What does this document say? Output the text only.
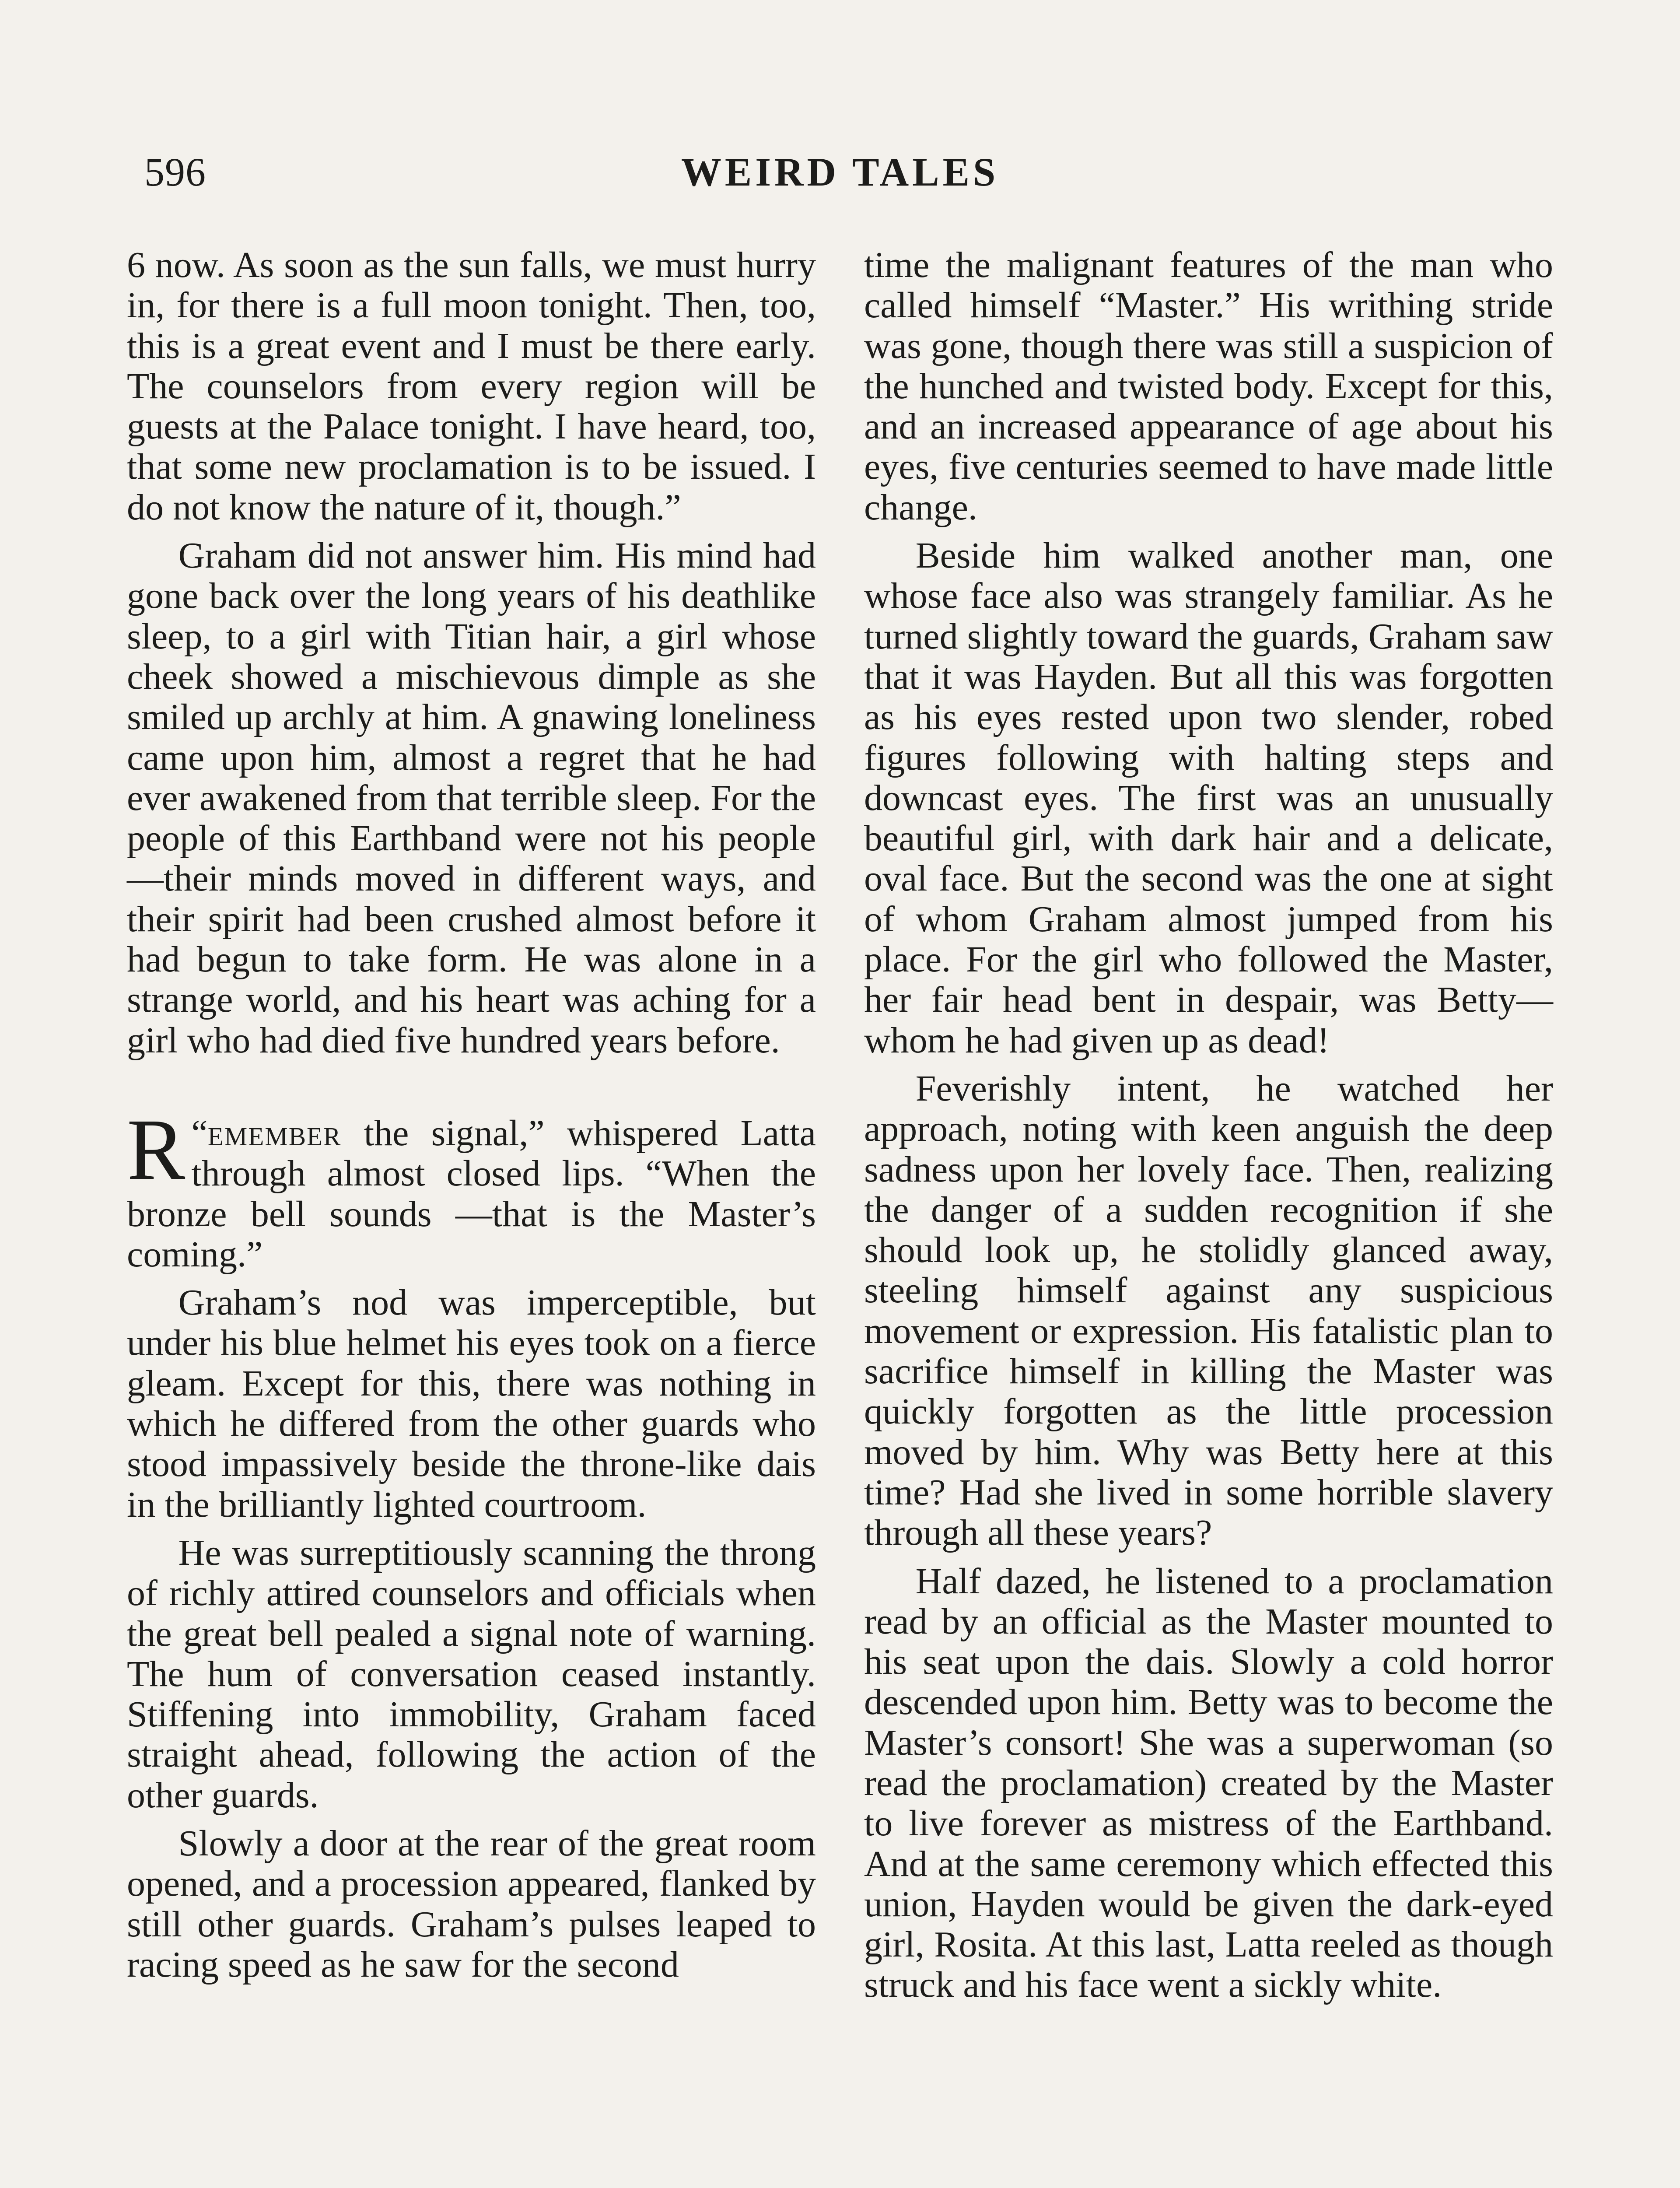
596	WEIRD TALES

6 now. As soon as the sun falls, we must hurry in, for there is a full moon tonight. Then, too, this is a great event and I must be there early. The counselors from every region will be guests at the Palace tonight. I have heard, too, that some new proclamation is to be issued. I do not know the nature of it, though.”

Graham did not answer him. His mind had gone back over the long years of his deathlike sleep, to a girl with Titian hair, a girl whose cheek showed a mischievous dimple as she smiled up archly at him. A gnawing loneliness came upon him, almost a regret that he had ever awakened from that terrible sleep. For the people of this Earthband were not his people—their minds moved in different ways, and their spirit had been crushed almost before it had begun to take form. He was alone in a strange world, and his heart was aching for a girl who had died five hundred years before.

“
R emember the signal,” whispered Latta through almost closed lips. “When the bronze bell sounds —that is the Master’s coming.”

Graham’s nod was imperceptible, but under his blue helmet his eyes took on a fierce gleam. Except for this, there was nothing in which he differed from the other guards who stood impassively beside the throne-like dais in the brilliantly lighted courtroom.

He was surreptitiously scanning the throng of richly attired counselors and officials when the great bell pealed a signal note of warning. The hum of conversation ceased instantly. Stiffening into immobility, Graham faced straight ahead, following the action of the other guards.

Slowly a door at the rear of the great room opened, and a procession appeared, flanked by still other guards. Graham’s pulses leaped to racing speed as he saw for the second

time the malignant features of the man who called himself “Master.” His writhing stride was gone, though there was still a suspicion of the hunched and twisted body. Except for this, and an increased appearance of age about his eyes, five centuries seemed to have made little change.

Beside him walked another man, one whose face also was strangely familiar. As he turned slightly toward the guards, Graham saw that it was Hayden. But all this was forgotten as his eyes rested upon two slender, robed figures following with halting steps and downcast eyes. The first was an unusually beautiful girl, with dark hair and a delicate, oval face. But the second was the one at sight of whom Graham almost jumped from his place. For the girl who followed the Master, her fair head bent in despair, was Betty—whom he had given up as dead!

Feverishly intent, he watched her approach, noting with keen anguish the deep sadness upon her lovely face. Then, realizing the danger of a sudden recognition if she should look up, he stolidly glanced away, steeling himself against any suspicious movement or expression. His fatalistic plan to sacrifice himself in killing the Master was quickly forgotten as the little procession moved by him. Why was Betty here at this time? Had she lived in some horrible slavery through all these years?

Half dazed, he listened to a proclamation read by an official as the Master mounted to his seat upon the dais. Slowly a cold horror descended upon him. Betty was to become the Master’s consort! She was a superwoman (so read the proclamation) created by the Master to live forever as mistress of the Earthband. And at the same ceremony which effected this union, Hayden would be given the dark-eyed girl, Rosita. At this last, Latta reeled as though struck and his face went a sickly white.
